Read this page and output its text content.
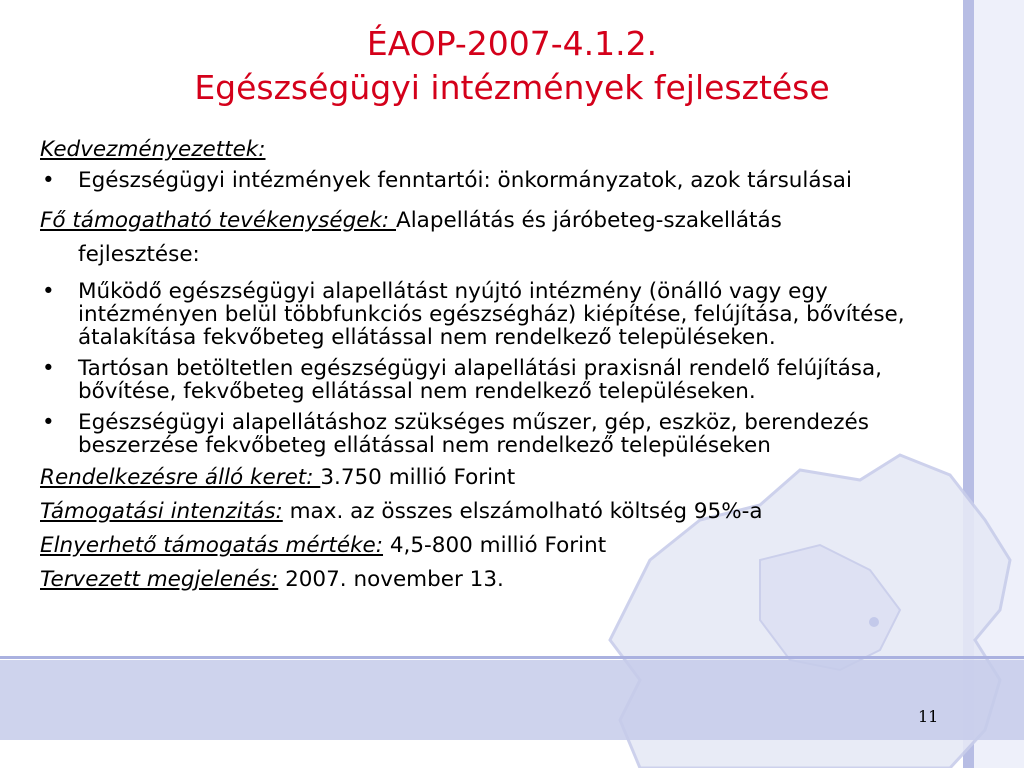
ÉAOP-2007-4.1.2.
Egészségügyi intézmények fejlesztése

Kedvezményezettek:

• Egészségügyi intézmények fenntartói: önkormányzatok, azok társulásai

Fő támogatható tevékenységek: Alapellátás és járóbeteg-szakellátás

fejlesztése:

• Működő egészségügyi alapellátást nyújtó intézmény (önálló vagy egy intézményen belül többfunkciós egészségház) kiépítése, felújítása, bővítése, átalakítása fekvőbeteg ellátással nem rendelkező településeken.
• Tartósan betöltetlen egészségügyi alapellátási praxisnál rendelő felújítása, bővítése, fekvőbeteg ellátással nem rendelkező településeken.
• Egészségügyi alapellátáshoz szükséges műszer, gép, eszköz, berendezés beszerzése fekvőbeteg ellátással nem rendelkező településeken

Rendelkezésre álló keret: 3.750 millió Forint

Támogatási intenzitás: max. az összes elszámolható költség 95%-a

Elnyerhető támogatás mértéke: 4,5-800 millió Forint

Tervezett megjelenés: 2007. november 13.

11
